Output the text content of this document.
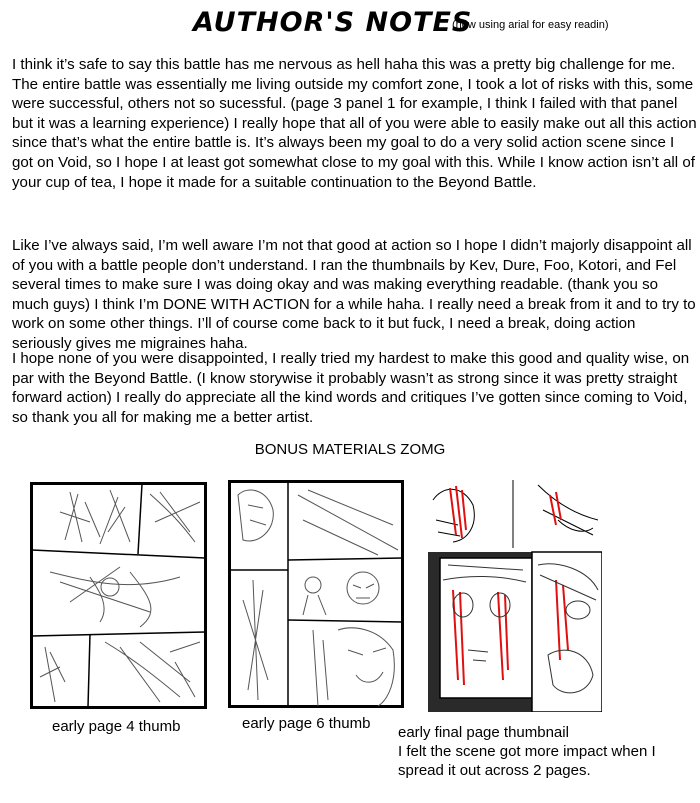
AUTHOR'S NOTES
(now using arial for easy readin)

I think it’s safe to say this battle has me nervous as hell haha this was a pretty big challenge for me. The entire battle was essentially me living outside my comfort zone, I took a lot of risks with this, some were successful, others not so sucessful. (page 3 panel 1 for example, I think I failed with that panel but it was a learning experience) I really hope that all of you were able to easily make out all this action since that’s what the entire battle is. It’s always been my goal to do a very solid action scene since I got on Void, so I hope I at least got somewhat close to my goal with this. While I know action isn’t all of your cup of tea, I hope it made for a suitable continuation to the Beyond Battle.

Like I’ve always said, I’m well aware I’m not that good at action so I hope I didn’t majorly disappoint all of you with a battle people don’t understand. I ran the thumbnails by Kev, Dure, Foo, Kotori, and Fel several times to make sure I was doing okay and was making everything readable. (thank you so much guys) I think I’m DONE WITH ACTION for a while haha. I really need a break from it and to try to work on some other things. I’ll of course come back to it but fuck, I need a break, doing action seriously gives me migraines haha.

I hope none of you were disappointed, I really tried my hardest to make this good and quality wise, on par with the Beyond Battle. (I know storywise it probably wasn’t as strong since it was pretty straight forward action) I really do appreciate all the kind words and critiques I’ve gotten since coming to Void, so thank you all for making me a better artist.

BONUS MATERIALS ZOMG
early page 4 thumb	early page 6 thumb
early final page thumbnail
I felt the scene got more impact when I
spread it out across 2 pages.
